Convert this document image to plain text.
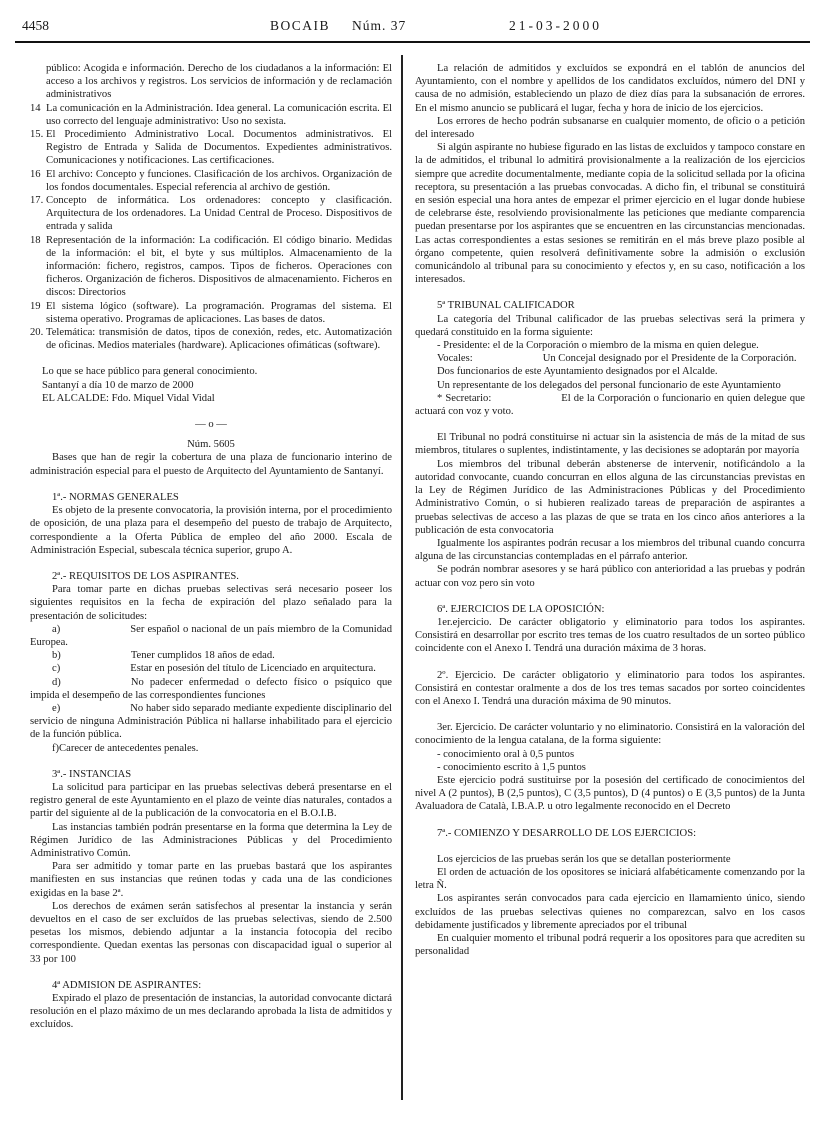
4458	BOCAIB Núm. 37	21-03-2000

público: Acogida e información. Derecho de los ciudadanos a la información: El acceso a los archivos y registros. Los servicios de información y de reclamación administrativos

14 La comunicación en la Administración. Idea general. La comunicación escrita. El uso correcto del lenguaje administrativo: Uso no sexista.
15. El Procedimiento Administrativo Local. Documentos administrativos. El Registro de Entrada y Salida de Documentos. Expedientes administrativos. Comunicaciones y notificaciones. Las certificaciones.
16 El archivo: Concepto y funciones. Clasificación de los archivos. Organización de los fondos documentales. Especial referencia al archivo de gestión.
17. Concepto de informática. Los ordenadores: concepto y clasificación. Arquitectura de los ordenadores. La Unidad Central de Proceso. Dispositivos de entrada y salida
18 Representación de la información: La codificación. El código binario. Medidas de la información: el bit, el byte y sus múltiplos. Almacenamiento de la información: fichero, registros, campos. Tipos de ficheros. Operaciones con ficheros. Organización de ficheros. Dispositivos de almacenamiento. Ficheros en discos: Directorios
19 El sistema lógico (software). La programación. Programas del sistema. El sistema operativo. Programas de aplicaciones. Las bases de datos.
20. Telemática: transmisión de datos, tipos de conexión, redes, etc. Automatización de oficinas. Medios materiales (hardware). Aplicaciones ofimáticas (software).

Lo que se hace público para general conocimiento.

Santanyí a día 10 de marzo de 2000

EL ALCALDE: Fdo. Miquel Vidal Vidal

— o —

Núm. 5605

Bases que han de regir la cobertura de una plaza de funcionario interino de administración especial para el puesto de Arquitecto del Ayuntamiento de Santanyí.

1ª.- NORMAS GENERALES

Es objeto de la presente convocatoria, la provisión interna, por el procedimiento de oposición, de una plaza para el desempeño del puesto de trabajo de Arquitecto, correspondiente a la Oferta Pública de empleo del año 2000. Escala de Administración Especial, subescala técnica superior, grupo A.

2ª.- REQUISITOS DE LOS ASPIRANTES.

Para tomar parte en dichas pruebas selectivas será necesario poseer los siguientes requisitos en la fecha de expiración del plazo señalado para la presentación de solicitudes:

a)	Ser español o nacional de un país miembro de la Comunidad Europea.

b)	Tener cumplidos 18 años de edad.

c)	Estar en posesión del título de Licenciado en arquitectura.

d)	No padecer enfermedad o defecto físico o psíquico que impida el desempeño de las correspondientes funciones

e)	No haber sido separado mediante expediente disciplinario del servicio de ninguna Administración Pública ni hallarse inhabilitado para el ejercicio de la función pública.

f)Carecer de antecedentes penales.

3ª.- INSTANCIAS

La solicitud para participar en las pruebas selectivas deberá presentarse en el registro general de este Ayuntamiento en el plazo de veinte días naturales, contados a partir del siguiente al de la publicación de la convocatoria en el B.O.I.B.

Las instancias también podrán presentarse en la forma que determina la Ley de Régimen Jurídico de las Administraciones Públicas y del Procedimiento Administrativo Común.

Para ser admitido y tomar parte en las pruebas bastará que los aspirantes manifiesten en sus instancias que reúnen todas y cada una de las condiciones exigidas en la base 2ª.

Los derechos de exámen serán satisfechos al presentar la instancia y serán devueltos en el caso de ser excluídos de las pruebas selectivas, siendo de 2.500 pesetas los mismos, debiendo adjuntar a la instancia fotocopia del recibo correspondiente. Quedan exentas las personas con discapacidad igual o superior al 33 por 100

4ª ADMISION DE ASPIRANTES:

Expirado el plazo de presentación de instancias, la autoridad convocante dictará resolución en el plazo máximo de un mes declarando aprobada la lista de admitidos y excluídos.

La relación de admitidos y excluídos se expondrá en el tablón de anuncios del Ayuntamiento, con el nombre y apellidos de los candidatos excluídos, número del DNI y causa de no admisión, estableciendo un plazo de diez días para la subsanación de errores. En el mismo anuncio se publicará el lugar, fecha y hora de inicio de los ejercicios.

Los errores de hecho podrán subsanarse en cualquier momento, de oficio o a petición del interesado

Si algún aspirante no hubiese figurado en las listas de excluidos y tampoco constare en la de admitidos, el tribunal lo admitirá provisionalmente a la realización de los ejercicios siempre que acredite documentalmente, mediante copia de la solicitud sellada por la oficina receptora, su presentación a las pruebas convocadas. A dicho fin, el tribunal se constituirá en sesión especial una hora antes de empezar el primer ejercicio en el lugar donde hubiese de celebrarse éste, resolviendo provisionalmente las peticiones que mediante comparencia puedan presentarse por los aspirantes que se encuentren en las circunstancias mencionadas. Las actas correspondientes a estas sesiones se remitirán en el más breve plazo posible al órgano competente, quien resolverá definitivamente sobre la admisión o exclusión comunicándolo al tribunal para su conocimiento y efectos y, en su caso, notificación a los interesados.

5ª TRIBUNAL CALIFICADOR

La categoría del Tribunal calificador de las pruebas selectivas será la primera y quedará constituido en la forma siguiente:

- Presidente: el de la Corporación o miembro de la misma en quien delegue.

Vocales:	Un Concejal designado por el Presidente de la Corporación.

Dos funcionarios de este Ayuntamiento designados por el Alcalde.

Un representante de los delegados del personal funcionario de este Ayuntamiento

* Secretario:	El de la Corporación o funcionario en quien delegue que actuará con voz y voto.

El Tribunal no podrá constituirse ni actuar sin la asistencia de más de la mitad de sus miembros, titulares o suplentes, indistintamente, y las decisiones se adoptarán por mayoría

Los miembros del tribunal deberán abstenerse de intervenir, notificándolo a la autoridad convocante, cuando concurran en ellos alguna de las circunstancias previstas en la Ley de Régimen Jurídico de las Administraciones Públicas y del Procedimiento Administrativo Común, o si hubieren realizado tareas de preparación de aspirantes a pruebas selectivas de acceso a las plazas de que se trata en los cinco años anteriores a la publicación de esta convocatoria

Igualmente los aspirantes podrán recusar a los miembros del tribunal cuando concurra alguna de las circunstancias contempladas en el párrafo anterior.

Se podrán nombrar asesores y se hará público con anterioridad a las pruebas y podrán actuar con voz pero sin voto

6ª. EJERCICIOS DE LA OPOSICIÓN:

1er.ejercicio. De carácter obligatorio y eliminatorio para todos los aspirantes. Consistirá en desarrollar por escrito tres temas de los cuatro resultados de un sorteo público coincidente con el Anexo I. Tendrá una duración máxima de 3 horas.

2º. Ejercicio. De carácter obligatorio y eliminatorio para todos los aspirantes. Consistirá en contestar oralmente a dos de los tres temas sacados por sorteo coincidentes con el Anexo I. Tendrá una duración máxima de 90 minutos.

3er. Ejercicio. De carácter voluntario y no eliminatorio. Consistirá en la valoración del conocimiento de la lengua catalana, de la forma siguiente:

- conocimiento oral à 0,5 puntos

- conocimiento escrito à 1,5 puntos

Este ejercicio podrá sustituirse por la posesión del certificado de conocimientos del nivel A (2 puntos), B (2,5 puntos), C (3,5 puntos), D (4 puntos) o E (3,5 puntos) de la Junta Avaluadora de Català, I.B.A.P. u otro legalmente reconocido en el Decreto

7ª.- COMIENZO Y DESARROLLO DE LOS EJERCICIOS:

Los ejercicios de las pruebas serán los que se detallan posteriormente

El orden de actuación de los opositores se iniciará alfabéticamente comenzando por la letra Ñ.

Los aspirantes serán convocados para cada ejercicio en llamamiento único, siendo excluídos de las pruebas selectivas quienes no comparezcan, salvo en los casos debidamente justificados y libremente apreciados por el tribunal

En cualquier momento el tribunal podrá requerir a los opositores para que acrediten su personalidad
